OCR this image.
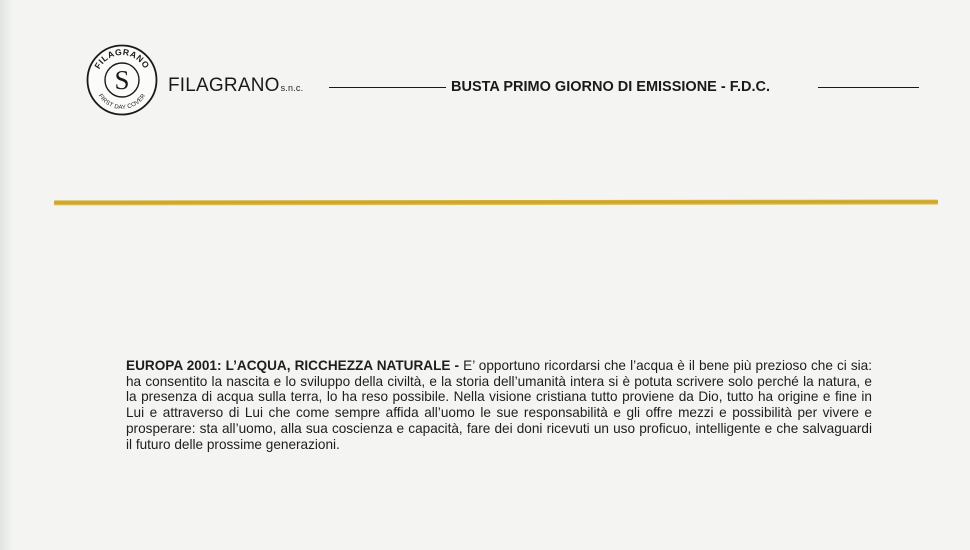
FILAGRANO
FIRST DAY COVER
S FILAGRANOs.n.c.	BUSTA PRIMO GIORNO DI EMISSIONE - F.D.C.
EUROPA 2001: L’ACQUA, RICCHEZZA NATURALE - E’ opportuno ricordarsi che l’acqua è il bene più prezioso che ci sia: ha consentito la nascita e lo sviluppo della civiltà, e la storia dell’umanità intera si è potuta scrivere solo perché la natura, e la presenza di acqua sulla terra, lo ha reso possibile. Nella visione cristiana tutto proviene da Dio, tutto ha origine e fine in Lui e attraverso di Lui che come sempre affida all’uomo le sue responsabilità e gli offre mezzi e possibilità per vivere e prosperare: sta all’uomo, alla sua coscienza e capacità, fare dei doni ricevuti un uso proficuo, intelligente e che salvaguardi il futuro delle prossime generazioni.
